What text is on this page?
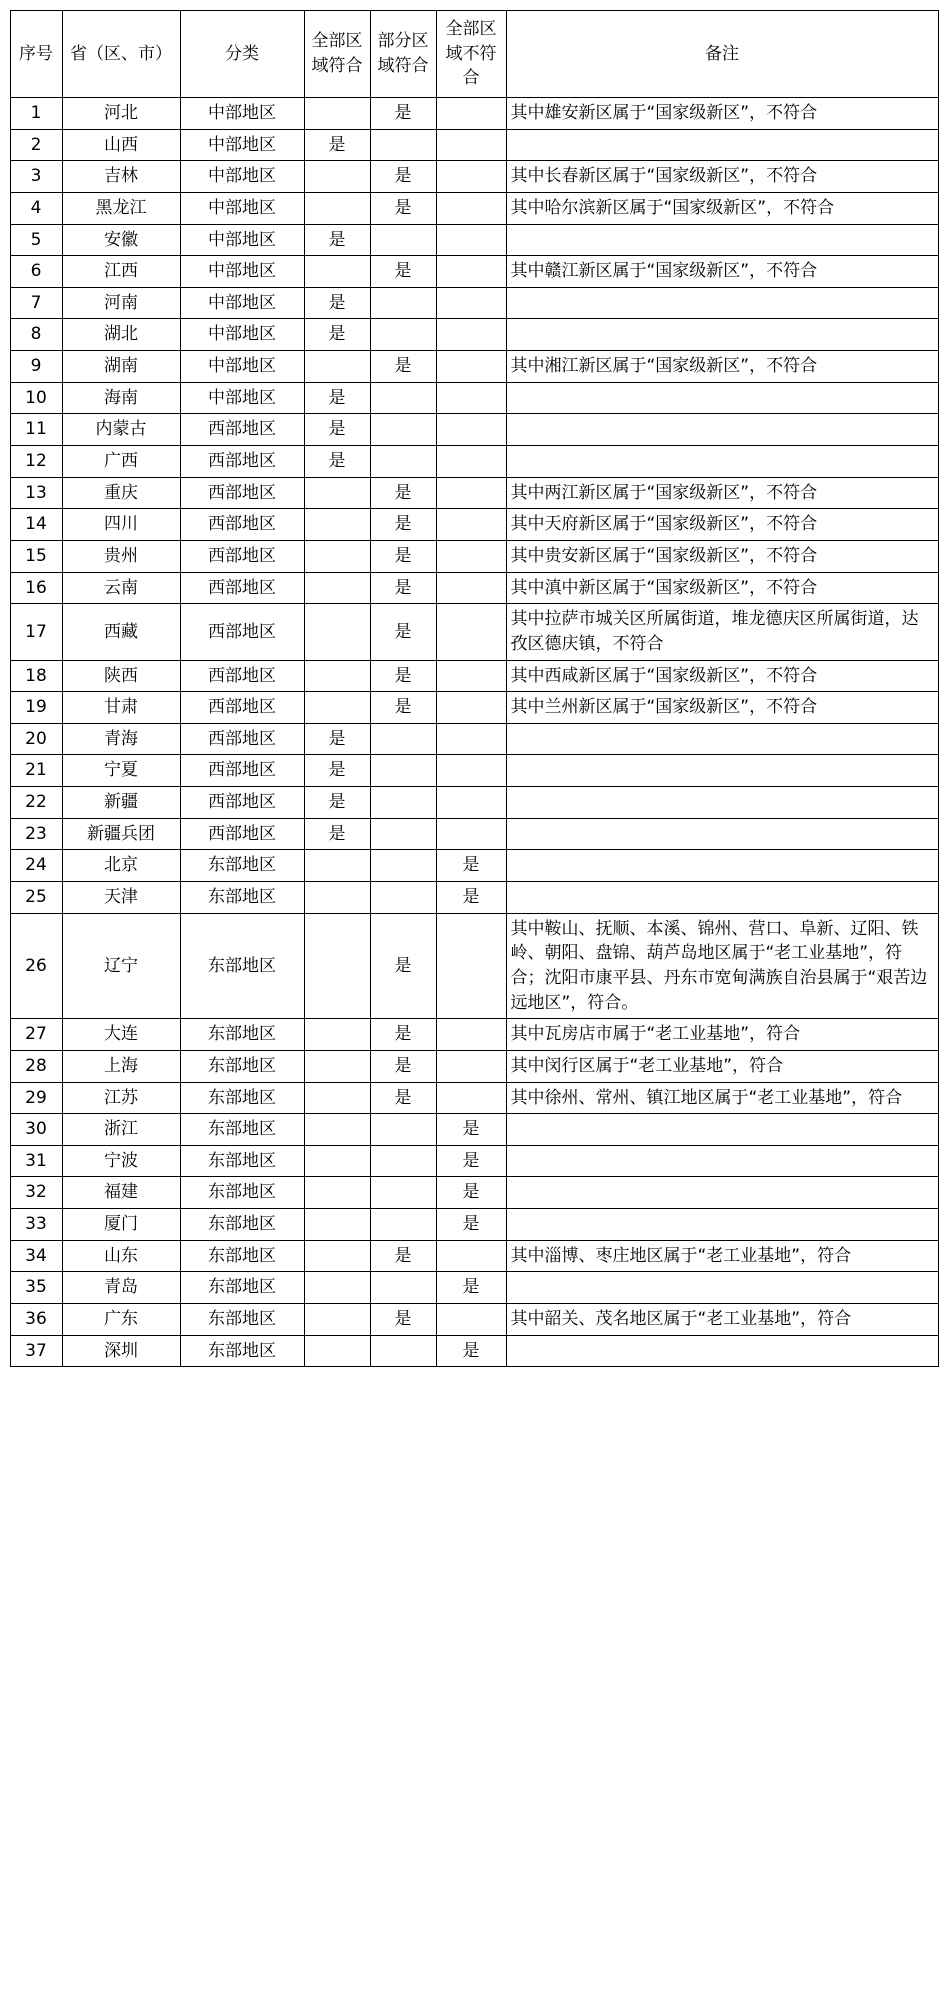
序号	省（区、市）	分类	全部区域符合	部分区域符合	全部区域不符合	备注
1	河北	中部地区		是		其中雄安新区属于“国家级新区”，不符合
2	山西	中部地区	是			
3	吉林	中部地区		是		其中长春新区属于“国家级新区”，不符合
4	黑龙江	中部地区		是		其中哈尔滨新区属于“国家级新区”，不符合
5	安徽	中部地区	是			
6	江西	中部地区		是		其中赣江新区属于“国家级新区”，不符合
7	河南	中部地区	是			
8	湖北	中部地区	是			
9	湖南	中部地区		是		其中湘江新区属于“国家级新区”，不符合
10	海南	中部地区	是			
11	内蒙古	西部地区	是			
12	广西	西部地区	是			
13	重庆	西部地区		是		其中两江新区属于“国家级新区”，不符合
14	四川	西部地区		是		其中天府新区属于“国家级新区”，不符合
15	贵州	西部地区		是		其中贵安新区属于“国家级新区”，不符合
16	云南	西部地区		是		其中滇中新区属于“国家级新区”，不符合
17	西藏	西部地区		是		其中拉萨市城关区所属街道，堆龙德庆区所属街道，达孜区德庆镇，不符合
18	陕西	西部地区		是		其中西咸新区属于“国家级新区”，不符合
19	甘肃	西部地区		是		其中兰州新区属于“国家级新区”，不符合
20	青海	西部地区	是			
21	宁夏	西部地区	是			
22	新疆	西部地区	是			
23	新疆兵团	西部地区	是			
24	北京	东部地区			是	
25	天津	东部地区			是	
26	辽宁	东部地区		是		其中鞍山、抚顺、本溪、锦州、营口、阜新、辽阳、铁岭、朝阳、盘锦、葫芦岛地区属于“老工业基地”，符合；沈阳市康平县、丹东市宽甸满族自治县属于“艰苦边远地区”，符合。
27	大连	东部地区		是		其中瓦房店市属于“老工业基地”，符合
28	上海	东部地区		是		其中闵行区属于“老工业基地”，符合
29	江苏	东部地区		是		其中徐州、常州、镇江地区属于“老工业基地”，符合
30	浙江	东部地区			是	
31	宁波	东部地区			是	
32	福建	东部地区			是	
33	厦门	东部地区			是	
34	山东	东部地区		是		其中淄博、枣庄地区属于“老工业基地”，符合
35	青岛	东部地区			是	
36	广东	东部地区		是		其中韶关、茂名地区属于“老工业基地”，符合
37	深圳	东部地区			是	
